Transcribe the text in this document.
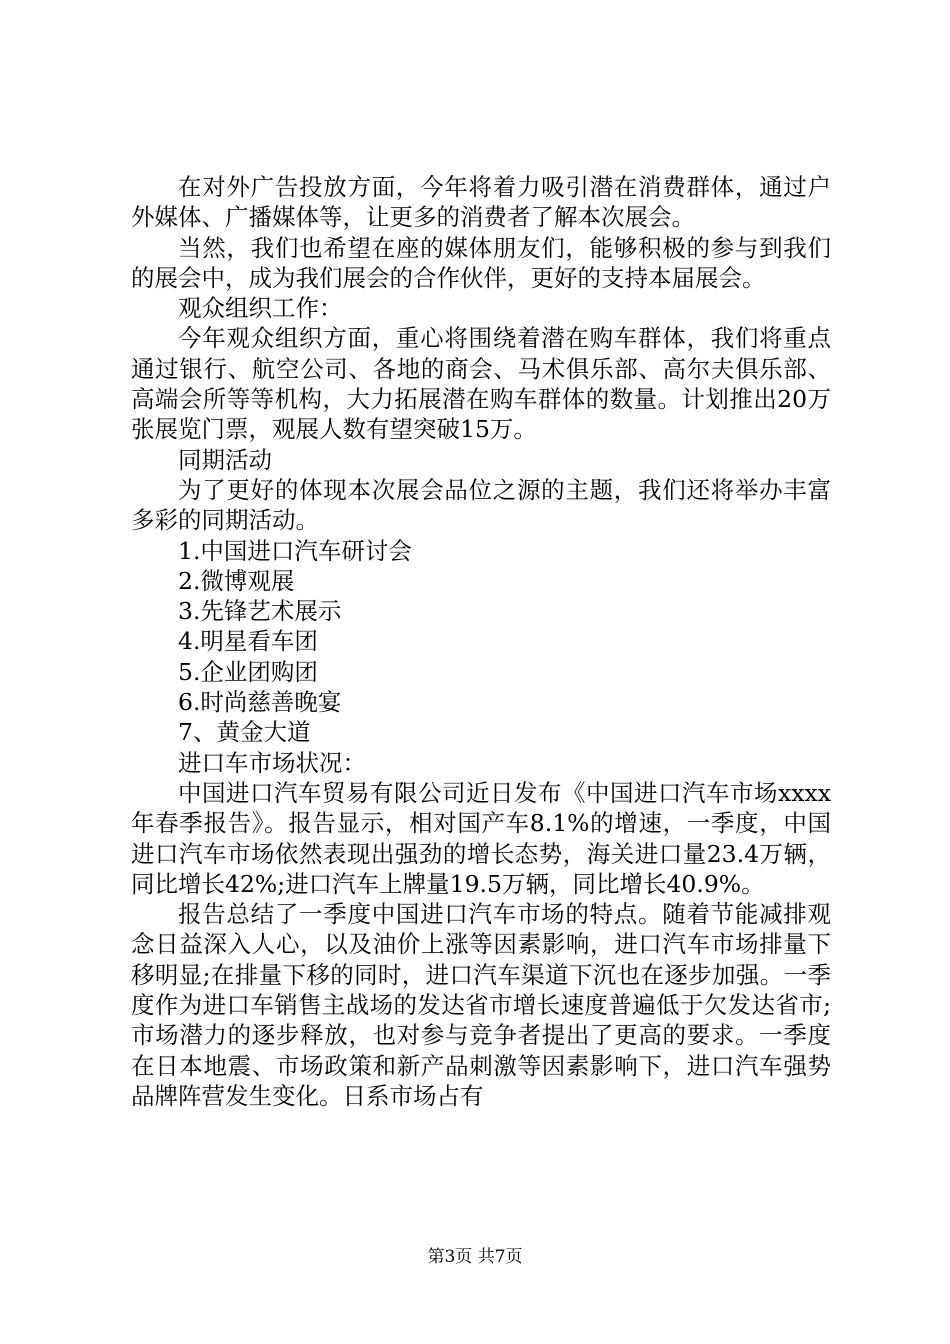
在对外广告投放方面，今年将着力吸引潜在消费群体，通过户外媒体、广播媒体等，让更多的消费者了解本次展会。

当然，我们也希望在座的媒体朋友们，能够积极的参与到我们的展会中，成为我们展会的合作伙伴，更好的支持本届展会。

观众组织工作：

今年观众组织方面，重心将围绕着潜在购车群体，我们将重点通过银行、航空公司、各地的商会、马术俱乐部、高尔夫俱乐部、高端会所等等机构，大力拓展潜在购车群体的数量。计划推出20万张展览门票，观展人数有望突破15万。

同期活动

为了更好的体现本次展会品位之源的主题，我们还将举办丰富多彩的同期活动。

1.中国进口汽车研讨会

2.微博观展

3.先锋艺术展示

4.明星看车团

5.企业团购团

6.时尚慈善晚宴

7、黄金大道

进口车市场状况：

中国进口汽车贸易有限公司近日发布《中国进口汽车市场xxxx年春季报告》。报告显示，相对国产车8.1%的增速，一季度，中国进口汽车市场依然表现出强劲的增长态势，海关进口量23.4万辆，同比增长42%;进口汽车上牌量19.5万辆，同比增长40.9%。

报告总结了一季度中国进口汽车市场的特点。随着节能减排观念日益深入人心，以及油价上涨等因素影响，进口汽车市场排量下移明显;在排量下移的同时，进口汽车渠道下沉也在逐步加强。一季度作为进口车销售主战场的发达省市增长速度普遍低于欠发达省市;市场潜力的逐步释放，也对参与竞争者提出了更高的要求。一季度在日本地震、市场政策和新产品刺激等因素影响下，进口汽车强势品牌阵营发生变化。日系市场占有

第3页 共7页
